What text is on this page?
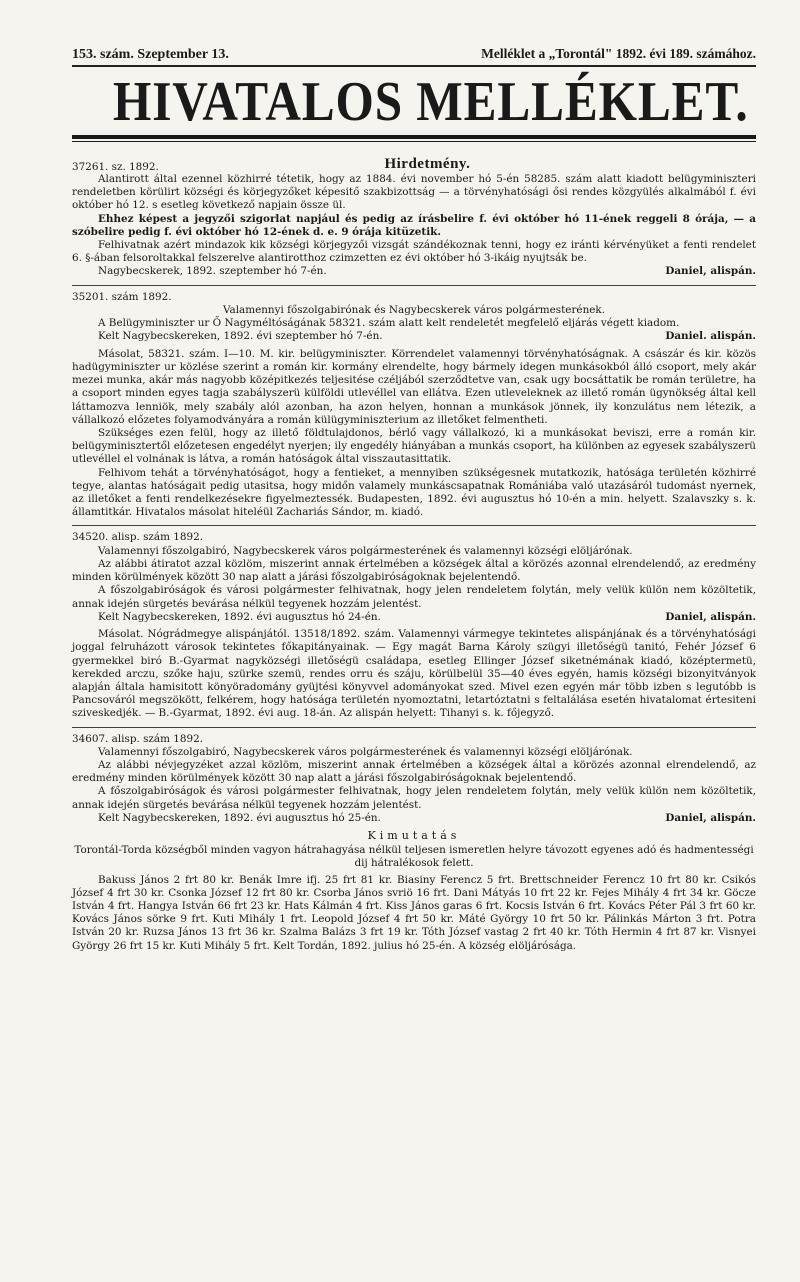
153. szám. Szeptember 13.	Melléklet a „Torontál" 1892. évi 189. számához.
HIVATALOS MELLÉKLET.
37261. sz. 1892.	Hirdetmény.

Alantirott által ezennel közhirré tétetik, hogy az 1884. évi november hó 5-én 58285. szám alatt kiadott belügyminiszteri rendeletben körülirt községi és körjegyzőket képesitő szakbizottság — a törvényhatósági ősi rendes közgyülés alkalmából f. évi október hó 12. s esetleg következő napjain össze ül.

Ehhez képest a jegyzői szigorlat napjául és pedig az írásbelire f. évi október hó 11-ének reggeli 8 órája, — a szóbelire pedig f. évi október hó 12-ének d. e. 9 órája kitüzetik.

Felhivatnak azért mindazok kik községi körjegyzői vizsgát szándékoznak tenni, hogy ez iránti kérvényüket a fenti rendelet 6. §-ában felsoroltakkal felszerelve alantirotthoz czimzetten ez évi október hó 3-ikáig nyujtsák be.

Nagybecskerek, 1892. szeptember hó 7-én.	Daniel, alispán.

35201. szám 1892.

Valamennyi főszolgabirónak és Nagybecskerek város polgármesterének.

A Belügyminiszter ur Ő Nagyméltóságának 58321. szám alatt kelt rendeletét megfelelő eljárás végett kiadom.

Kelt Nagybecskereken, 1892. évi szeptember hó 7-én.	Daniel. alispán.

Másolat, 58321. szám. I—10. M. kir. belügyminiszter. Körrendelet valamennyi törvényhatóságnak. A császár és kir. közös hadügyminiszter ur közlése szerint a román kir. kormány elrendelte, hogy bármely idegen munkásokból álló csoport, mely akár mezei munka, akár más nagyobb középitkezés teljesitése czéljából szerződtetve van, csak ugy bocsáttatik be román területre, ha a csoport minden egyes tagja szabályszerü külföldi utlevéllel van ellátva. Ezen utleveleknek az illető román ügynökség által kell láttamozva lenniök, mely szabály alól azonban, ha azon helyen, honnan a munkások jönnek, ily konzulátus nem létezik, a vállalkozó előzetes folyamodványára a román külügyminiszterium az illetőket felmentheti.

Szükséges ezen felül, hogy az illető földtulajdonos, bérlő vagy vállalkozó, ki a munkásokat beviszi, erre a román kir. belügyminisztertől előzetesen engedélyt nyerjen; ily engedély hiányában a munkás csoport, ha különben az egyesek szabályszerü utlevéllel el volnának is látva, a román hatóságok által visszautasittatik.

Felhivom tehát a törvényhatóságot, hogy a fentieket, a mennyiben szükségesnek mutatkozik, hatósága területén közhirré tegye, alantas hatóságait pedig utasitsa, hogy midőn valamely munkáscsapatnak Romániába való utazásáról tudomást nyernek, az illetőket a fenti rendelkezésekre figyelmeztessék. Budapesten, 1892. évi augusztus hó 10-én a min. helyett. Szalavszky s. k. államtitkár. Hivatalos másolat hiteléül Zachariás Sándor, m. kiadó.

34520. alisp. szám 1892.

Valamennyi főszolgabiró, Nagybecskerek város polgármesterének és valamennyi községi elöljárónak.

Az alábbi átiratot azzal közlöm, miszerint annak értelmében a községek által a körözés azonnal elrendelendő, az eredmény minden körülmények között 30 nap alatt a járási főszolgabiróságoknak bejelentendő.

A főszolgabiróságok és városi polgármester felhivatnak, hogy jelen rendeletem folytán, mely velük külön nem közöltetik, annak idején sürgetés bevárása nélkül tegyenek hozzám jelentést.

Kelt Nagybecskereken, 1892. évi augusztus hó 24-én.	Daniel, alispán.

Másolat. Nógrádmegye alispánjától. 13518/1892. szám. Valamennyi vármegye tekintetes alispánjának és a törvényhatósági joggal felruházott városok tekintetes főkapitányainak. — Egy magát Barna Károly szügyi illetőségü tanitó, Fehér József 6 gyermekkel biró B.-Gyarmat nagyközségi illetőségü családapa, esetleg Ellinger József siketnémának kiadó, középtermetü, kerekded arczu, szőke haju, szürke szemü, rendes orru és száju, körülbelül 35—40 éves egyén, hamis községi bizonyitványok alapján általa hamisitott könyöradomány gyüjtési könyvvel adományokat szed. Mivel ezen egyén már több izben s legutóbb is Pancsováról megszökött, felkérem, hogy hatósága területén nyomoztatni, letartóztatni s feltalálása esetén hivatalomat értesiteni sziveskedjék. — B.-Gyarmat, 1892. évi aug. 18-án. Az alispán helyett: Tihanyi s. k. főjegyző.

34607. alisp. szám 1892.

Valamennyi főszolgabiró, Nagybecskerek város polgármesterének és valamennyi községi elöljárónak.

Az alábbi névjegyzéket azzal közlöm, miszerint annak értelmében a községek által a körözés azonnal elrendelendő, az eredmény minden körülmények között 30 nap alatt a járási főszolgabiróságoknak bejelentendő.

A főszolgabiróságok és városi polgármester felhivatnak, hogy jelen rendeletem folytán, mely velük külön nem közöltetik, annak idején sürgetés bevárása nélkül tegyenek hozzám jelentést.

Kelt Nagybecskereken, 1892. évi augusztus hó 25-én.	Daniel, alispán.
Kimutatás

Torontál-Torda községből minden vagyon hátrahagyása nélkül teljesen ismeretlen helyre távozott egyenes adó és hadmentességi dij hátralékosok felett.

Bakuss János 2 frt 80 kr. Benák Imre ifj. 25 frt 81 kr. Biasiny Ferencz 5 frt. Brettschneider Ferencz 10 frt 80 kr. Csikós József 4 frt 30 kr. Csonka József 12 frt 80 kr. Csorba János svriö 16 frt. Dani Mátyás 10 frt 22 kr. Fejes Mihály 4 frt 34 kr. Göcze István 4 frt. Hangya István 66 frt 23 kr. Hats Kálmán 4 frt. Kiss János garas 6 frt. Kocsis István 6 frt. Kovács Péter Pál 3 frt 60 kr. Kovács János sörke 9 frt. Kuti Mihály 1 frt. Leopold József 4 frt 50 kr. Máté György 10 frt 50 kr. Pálinkás Márton 3 frt. Potra István 20 kr. Ruzsa János 13 frt 36 kr. Szalma Balázs 3 frt 19 kr. Tóth József vastag 2 frt 40 kr. Tóth Hermin 4 frt 87 kr. Visnyei György 26 frt 15 kr. Kuti Mihály 5 frt. Kelt Tordán, 1892. julius hó 25-én. A község elöljárósága.
